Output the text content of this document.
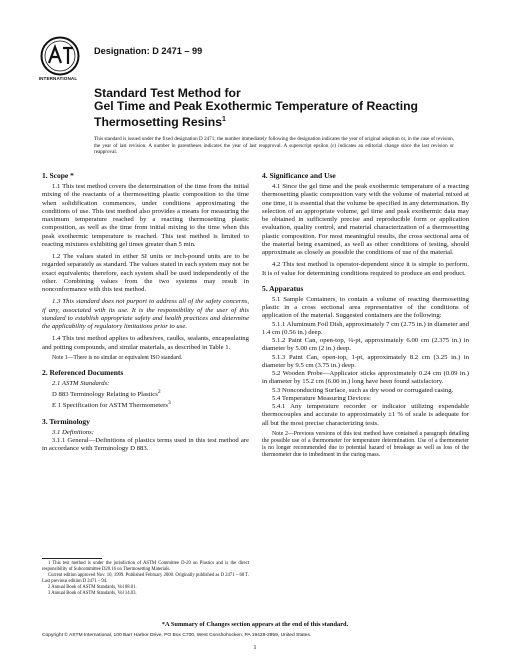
INTERNATIONAL
Designation: D 2471 – 99
Standard Test Method for
Gel Time and Peak Exothermic Temperature of Reacting
Thermosetting Resins$^1$
This standard is issued under the fixed designation D 2471; the number immediately following the designation indicates the year of original adoption or, in the case of revision, the year of last revision. A number in parentheses indicates the year of last reapproval. A superscript epsilon (ε) indicates an editorial change since the last revision or reapproval.
1. Scope *

1.1 This test method covers the determination of the time from the initial mixing of the reactants of a thermosetting plastic composition to the time when solidification commences, under conditions approximating the conditions of use. This test method also provides a means for measuring the maximum temperature reached by a reacting thermosetting plastic composition, as well as the time from initial mixing to the time when this peak exothermic temperature is reached. This test method is limited to reacting mixtures exhibiting gel times greater than 5 min.

1.2 The values stated in either SI units or inch-pound units are to be regarded separately as standard. The values stated in each system may not be exact equivalents; therefore, each system shall be used independently of the other. Combining values from the two systems may result in nonconformance with this test method.

1.3 This standard does not purport to address all of the safety concerns, if any, associated with its use. It is the responsibility of the user of this standard to establish appropriate safety and health practices and determine the applicability of regulatory limitations prior to use.

1.4 This test method applies to adhesives, caulks, sealants, encapsulating and potting compounds, and similar materials, as described in Table 1.

Note 1—There is no similar or equivalent ISO standard.

2. Referenced Documents

2.1 ASTM Standards:

D 883 Terminology Relating to Plastics$^2$
E 1 Specification for ASTM Thermometers$^3$
3. Terminology

3.1 Definitions:

3.1.1 General—Definitions of plastics terms used in this test method are in accordance with Terminology D 883.

4. Significance and Use

4.1 Since the gel time and the peak exothermic temperature of a reacting thermosetting plastic composition vary with the volume of material mixed at one time, it is essential that the volume be specified in any determination. By selection of an appropriate volume, gel time and peak exothermic data may be obtained in sufficiently precise and reproducible form or application evaluation, quality control, and material characterization of a thermosetting plastic composition. For most meaningful results, the cross sectional area of the material being examined, as well as other conditions of testing, should approximate as closely as possible the conditions of use of the material.

4.2 This test method is operator-dependent since it is simple to perform. It is of value for determining conditions required to produce an end product.

5. Apparatus

5.1 Sample Containers, to contain a volume of reacting thermosetting plastic in a cross sectional area representative of the conditions of application of the material. Suggested containers are the following:

5.1.1 Aluminum Foil Dish, approximately 7 cm (2.75 in.) in diameter and 1.4 cm (0.56 in.) deep.

5.1.2 Paint Can, open-top, ¼-pt, approximately 6.00 cm (2.375 in.) in diameter by 5.00 cm (2 in.) deep.

5.1.3 Paint Can, open-top, 1-pt, approximately 8.2 cm (3.25 in.) in diameter by 9.5 cm (3.75 in.) deep.

5.2 Wooden Probe—Applicator sticks approximately 0.24 cm (0.09 in.) in diameter by 15.2 cm (6.00 in.) long have been found satisfactory.

5.3 Nonconducting Surface, such as dry wood or corrugated casing.

5.4 Temperature Measuring Devices:

5.4.1 Any temperature recorder or indicator utilizing expendable thermocouples and accurate to approximately ±1 % of scale is adequate for all but the most precise characterizing tests.

Note 2—Previous versions of this test method have contained a paragraph detailing the possible use of a thermometer for temperature determination. Use of a thermometer is no longer recommended due to potential hazard of breakage as well as loss of the thermometer due to imbedment in the curing mass.

1 This test method is under the jurisdiction of ASTM Committee D-20 on Plastics and is the direct responsibility of Subcommittee D20.16 on Thermosetting Materials.

Current edition approved Nov. 10, 1999. Published February 2000. Originally published as D 2471 – 68 T. Last previous edition D 2471 – 94.

2 Annual Book of ASTM Standards, Vol 08.01.

3 Annual Book of ASTM Standards, Vol 14.03.

*A Summary of Changes section appears at the end of this standard.
Copyright © ASTM International, 100 Barr Harbor Drive, PO Box C700, West Conshohocken, PA 19428-2959, United States.
1
